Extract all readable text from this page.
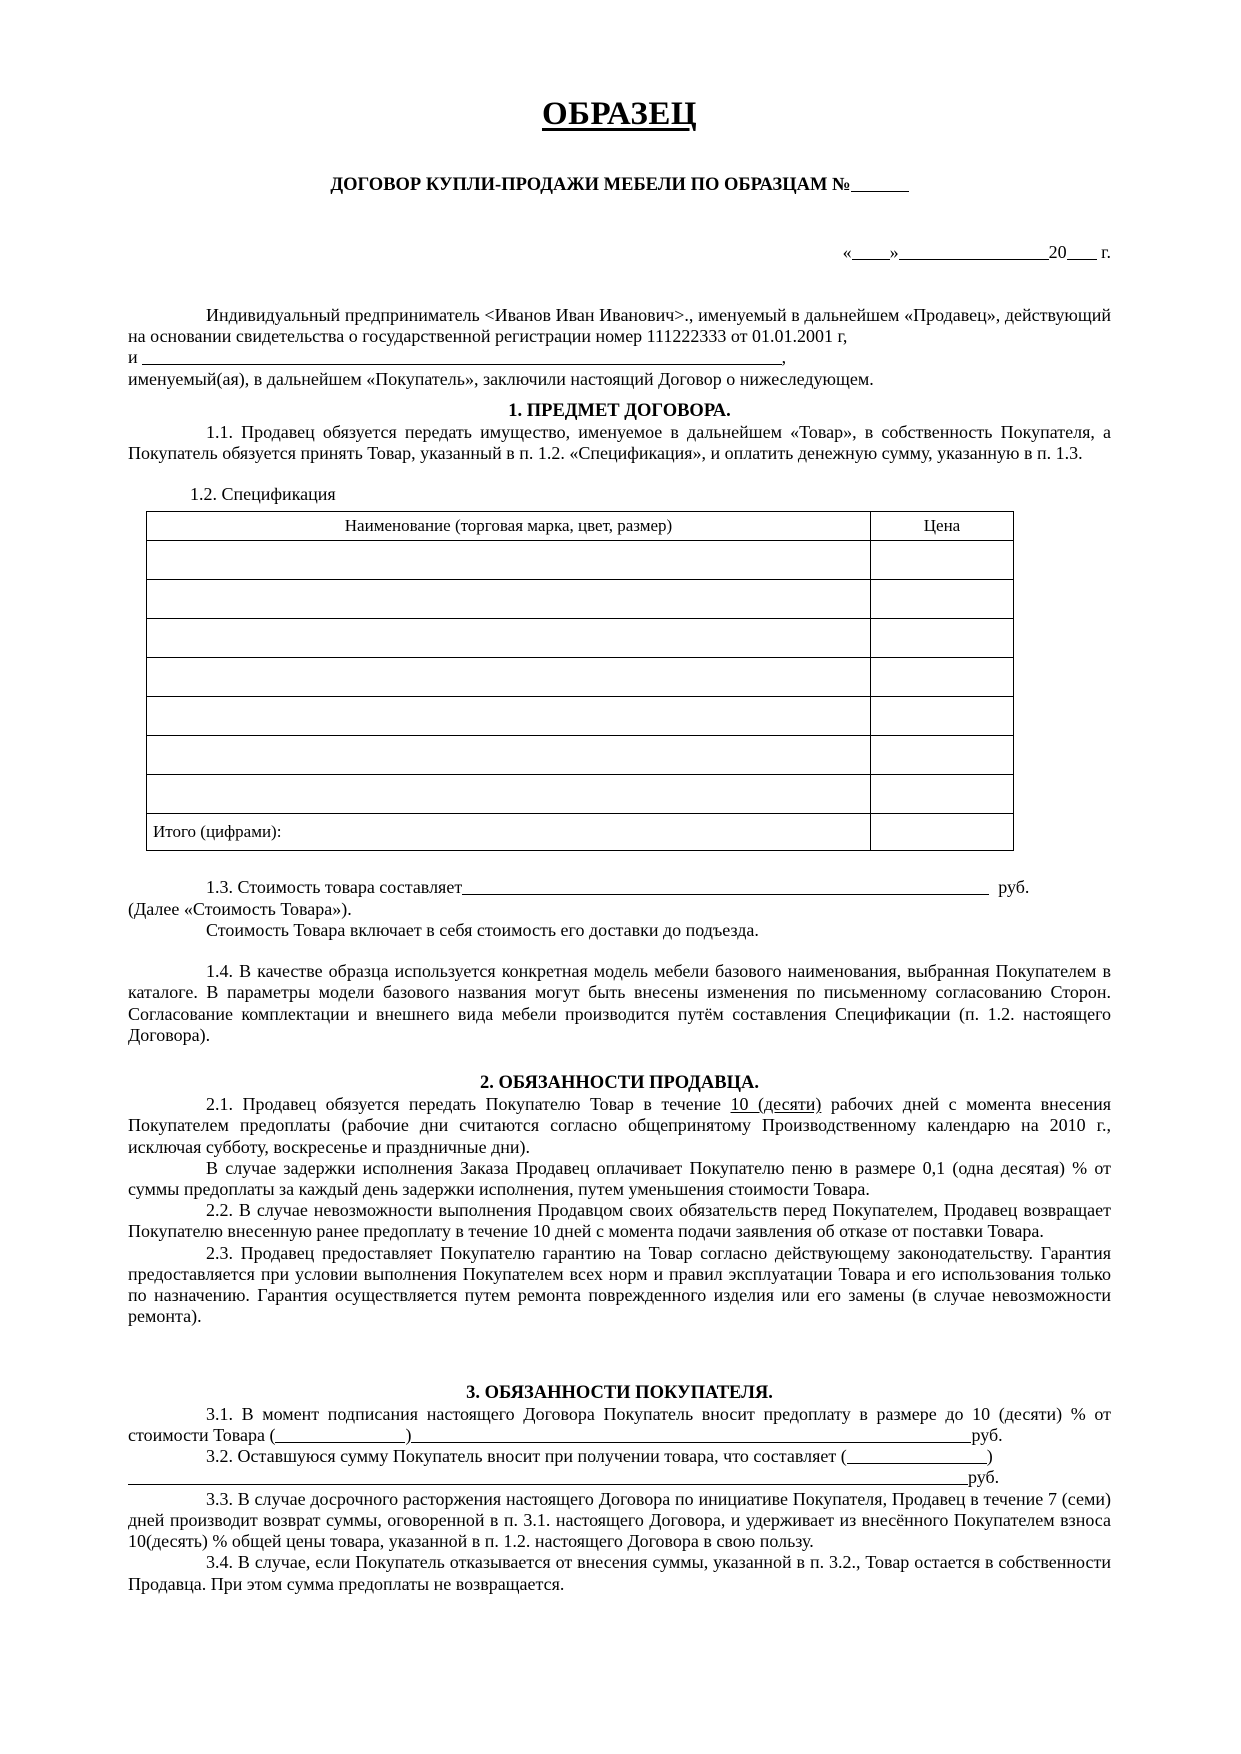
ОБРАЗЕЦ
ДОГОВОР КУПЛИ-ПРОДАЖИ МЕБЕЛИ ПО ОБРАЗЦАМ №
« »	20 г.

Индивидуальный предприниматель <Иванов Иван Иванович>., именуемый в дальнейшем «Продавец», действующий на основании свидетельства о государственной регистрации номер 111222333 от 01.01.2001 г,

и	,

именуемый(ая), в дальнейшем «Покупатель», заключили настоящий Договор о нижеследующем.

1. ПРЕДМЕТ ДОГОВОРА.

1.1. Продавец обязуется передать имущество, именуемое в дальнейшем «Товар», в собственность Покупателя, а Покупатель обязуется принять Товар, указанный в п. 1.2. «Спецификация», и оплатить денежную сумму, указанную в п. 1.3.

1.2. Спецификация
Наименование (торговая марка, цвет, размер)	Цена

Итого (цифрами):	
1.3. Стоимость товара составляет	руб.

(Далее «Стоимость Товара»).

Стоимость Товара включает в себя стоимость его доставки до подъезда.

1.4. В качестве образца используется конкретная модель мебели базового наименования, выбранная Покупателем в каталоге. В параметры модели базового названия могут быть внесены изменения по письменному согласованию Сторон. Согласование комплектации и внешнего вида мебели производится путём составления Спецификации (п. 1.2. настоящего Договора).

2. ОБЯЗАННОСТИ ПРОДАВЦА.

2.1. Продавец обязуется передать Покупателю Товар в течение 10 (десяти) рабочих дней с момента внесения Покупателем предоплаты (рабочие дни считаются согласно общепринятому Производственному календарю на 2010 г., исключая субботу, воскресенье и праздничные дни).

В случае задержки исполнения Заказа Продавец оплачивает Покупателю пеню в размере 0,1 (одна десятая) % от суммы предоплаты за каждый день задержки исполнения, путем уменьшения стоимости Товара.

2.2. В случае невозможности выполнения Продавцом своих обязательств перед Покупателем, Продавец возвращает Покупателю внесенную ранее предоплату в течение 10 дней с момента подачи заявления об отказе от поставки Товара.

2.3. Продавец предоставляет Покупателю гарантию на Товар согласно действующему законодательству. Гарантия предоставляется при условии выполнения Покупателем всех норм и правил эксплуатации Товара и его использования только по назначению. Гарантия осуществляется путем ремонта поврежденного изделия или его замены (в случае невозможности ремонта).

3. ОБЯЗАННОСТИ ПОКУПАТЕЛЯ.
3.1. В момент подписания настоящего Договора Покупатель вносит предоплату в размере до 10 (десяти) % от стоимости Товара (	)	руб.
3.2. Оставшуюся сумму Покупатель вносит при получении товара, что составляет (	)
руб.

3.3. В случае досрочного расторжения настоящего Договора по инициативе Покупателя, Продавец в течение 7 (семи) дней производит возврат суммы, оговоренной в п. 3.1. настоящего Договора, и удерживает из внесённого Покупателем взноса 10(десять) % общей цены товара, указанной в п. 1.2. настоящего Договора в свою пользу.

3.4. В случае, если Покупатель отказывается от внесения суммы, указанной в п. 3.2., Товар остается в собственности Продавца. При этом сумма предоплаты не возвращается.
